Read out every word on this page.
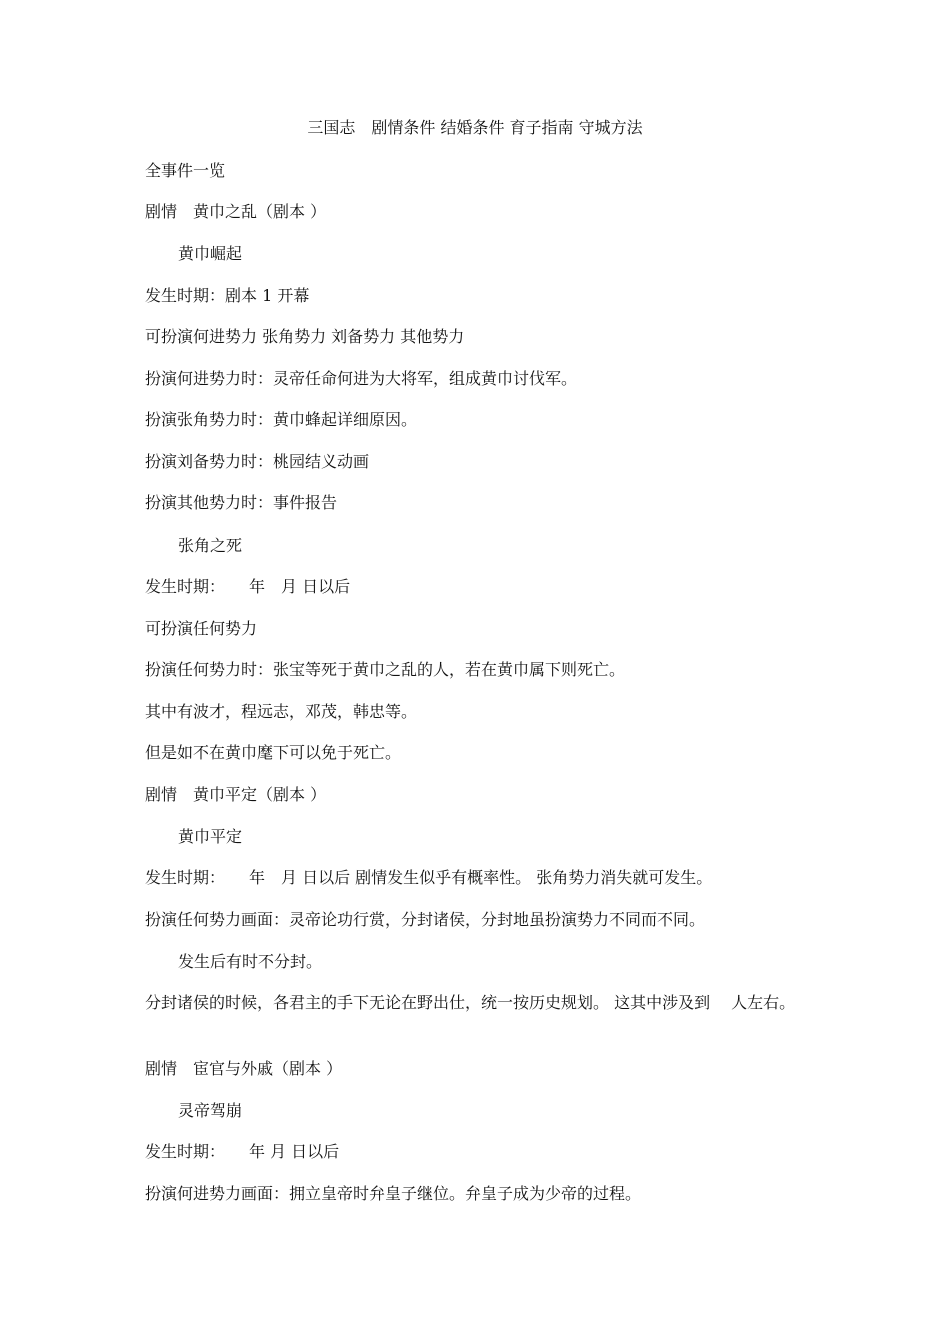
三国志　剧情条件 结婚条件 育子指南 守城方法
全事件一览
剧情　黄巾之乱（剧本 ）
黄巾崛起
发生时期：剧本 1 开幕
可扮演何进势力 张角势力 刘备势力 其他势力
扮演何进势力时：灵帝任命何进为大将军，组成黄巾讨伐军。
扮演张角势力时：黄巾蜂起详细原因。
扮演刘备势力时：桃园结义动画
扮演其他势力时：事件报告
张角之死
发生时期：　　年　月 日以后
可扮演任何势力
扮演任何势力时：张宝等死于黄巾之乱的人，若在黄巾属下则死亡。
其中有波才，程远志，邓茂，韩忠等。
但是如不在黄巾麾下可以免于死亡。
剧情　黄巾平定（剧本 ）
黄巾平定
发生时期：　　年　月 日以后 剧情发生似乎有概率性。 张角势力消失就可发生。
扮演任何势力画面：灵帝论功行赏，分封诸侯，分封地虽扮演势力不同而不同。
发生后有时不分封。
分封诸侯的时候，各君主的手下无论在野出仕，统一按历史规划。 这其中涉及到　 人左右。
剧情　宦官与外戚（剧本 ）
灵帝驾崩
发生时期：　　年 月 日以后
扮演何进势力画面：拥立皇帝时弁皇子继位。弁皇子成为少帝的过程。
